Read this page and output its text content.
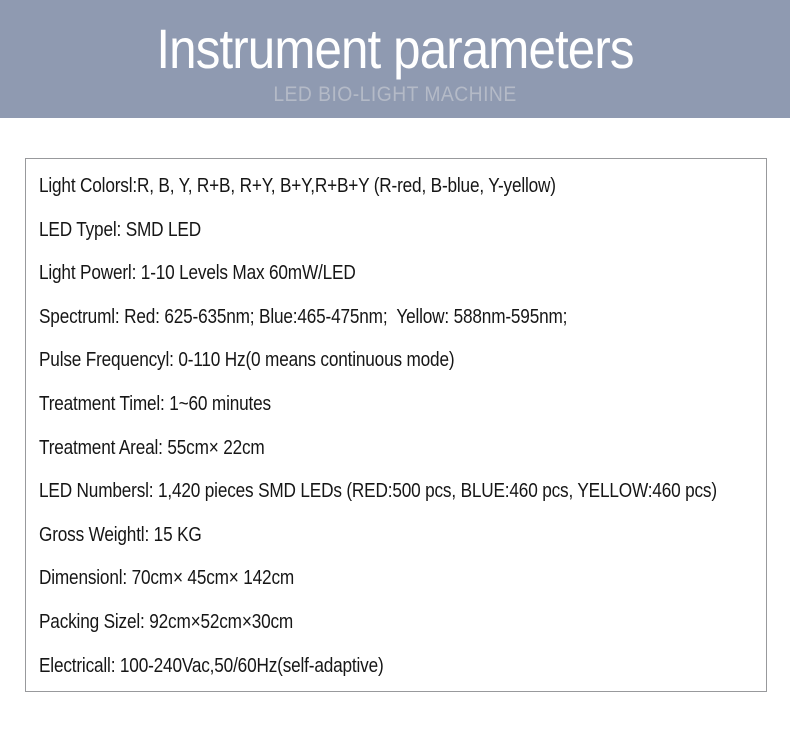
Instrument parameters
LED BIO-LIGHT MACHINE
Light Colorsl:R, B, Y, R+B, R+Y, B+Y,R+B+Y (R-red, B-blue, Y-yellow)
LED Typel: SMD LED
Light Powerl: 1-10 Levels Max 60mW/LED
Spectruml: Red: 625-635nm; Blue:465-475nm;  Yellow: 588nm-595nm;
Pulse Frequencyl: 0-110 Hz(0 means continuous mode)
Treatment Timel: 1~60 minutes
Treatment Areal: 55cm× 22cm
LED Numbersl: 1,420 pieces SMD LEDs (RED:500 pcs, BLUE:460 pcs, YELLOW:460 pcs)
Gross Weightl: 15 KG
Dimensionl: 70cm× 45cm× 142cm
Packing Sizel: 92cm×52cm×30cm
Electricall: 100-240Vac,50/60Hz(self-adaptive)
